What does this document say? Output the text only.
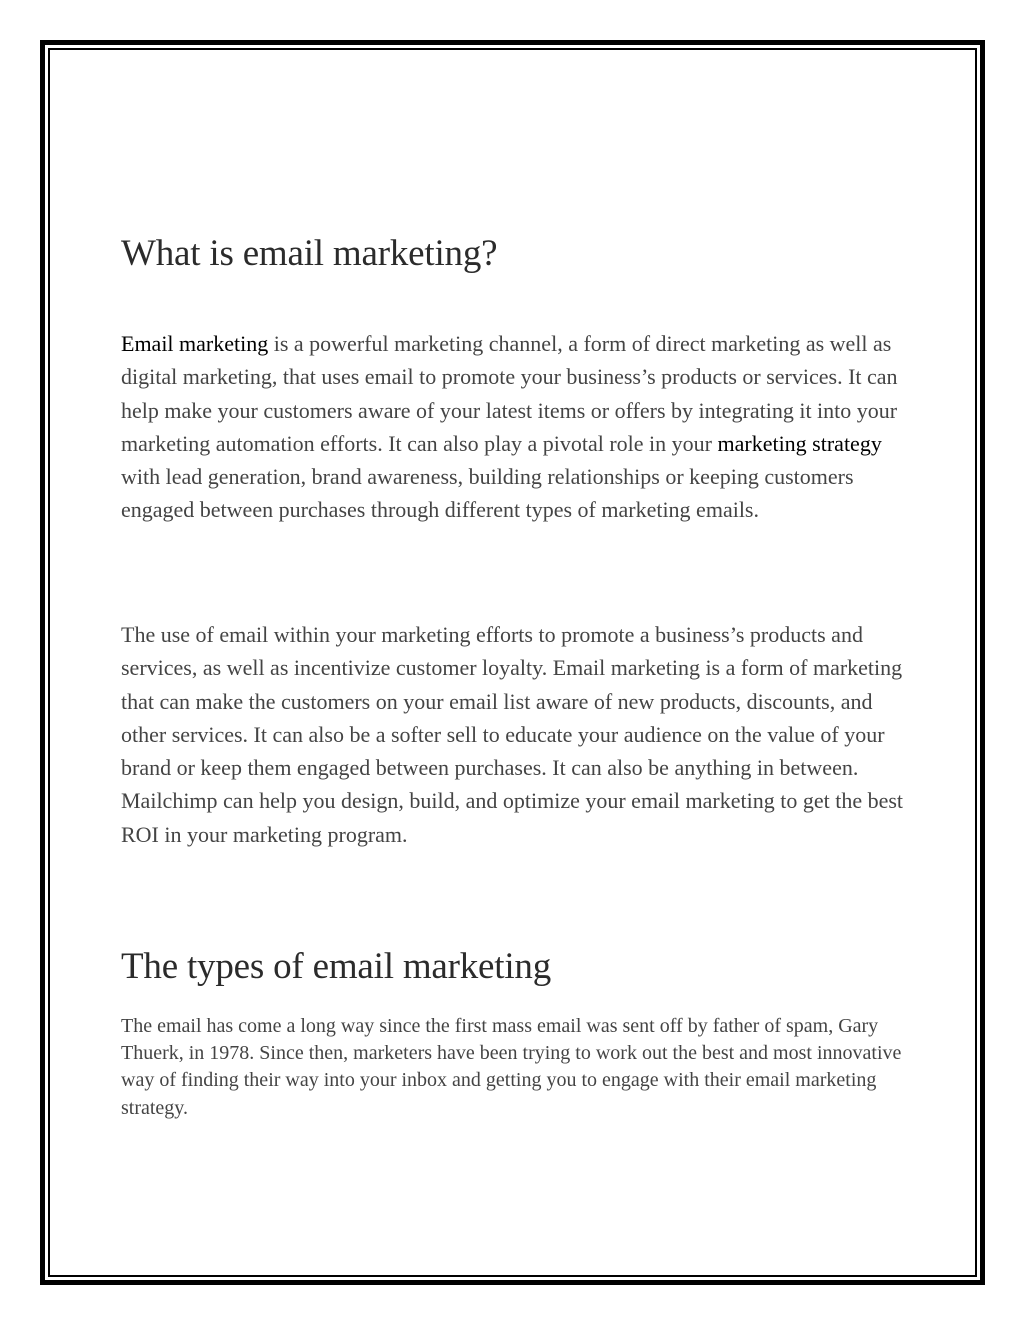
What is email marketing?

Email marketing is a powerful marketing channel, a form of direct marketing as well as digital marketing, that uses email to promote your business’s products or services. It can help make your customers aware of your latest items or offers by integrating it into your marketing automation efforts. It can also play a pivotal role in your marketing strategy with lead generation, brand awareness, building relationships or keeping customers engaged between purchases through different types of marketing emails.

The use of email within your marketing efforts to promote a business’s products and services, as well as incentivize customer loyalty. Email marketing is a form of marketing that can make the customers on your email list aware of new products, discounts, and other services. It can also be a softer sell to educate your audience on the value of your brand or keep them engaged between purchases. It can also be anything in between. Mailchimp can help you design, build, and optimize your email marketing to get the best ROI in your marketing program.

The types of email marketing

The email has come a long way since the first mass email was sent off by father of spam, Gary Thuerk, in 1978. Since then, marketers have been trying to work out the best and most innovative way of finding their way into your inbox and getting you to engage with their email marketing strategy.
